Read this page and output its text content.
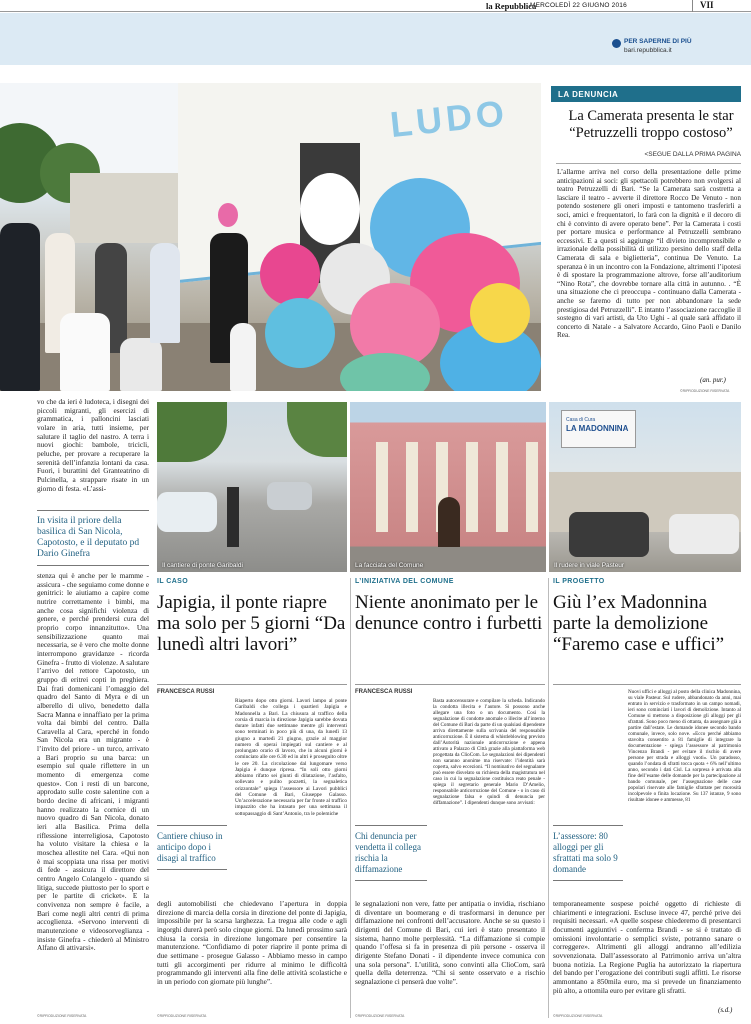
la Repubblica
MERCOLEDÌ 22 GIUGNO 2016	VII
PER SAPERNE DI PIÙ
bari.repubblica.it
LUDO	LA DENUNCIA
La Camerata presenta le star “Petruzzelli troppo costoso”
<SEGUE DALLA PRIMA PAGINA
L’allarme arriva nel corso della presentazione delle prime anticipazioni ai soci: gli spettacoli potrebbero non svolgersi al teatro Petruzzelli di Bari. “Se la Camerata sarà costretta a lasciare il teatro - avverte il direttore Rocco De Venuto - non potendo sostenere gli oneri imposti e tantomeno trasferirli a soci, amici e frequentatori, lo farà con la dignità e il decoro di chi è convinto di avere operato bene”. Per la Camerata i costi per portare musica e performance al Petruzzelli sembrano eccessivi. E a questi si aggiunge “il divieto incomprensibile e irrazionale della possibilità di utilizzo persino dello staff della Camerata di sala e biglietteria”, continua De Venuto. La speranza è in un incontro con la Fondazione, altrimenti l’ipotesi è di spostare la programmazione altrove, forse all’auditorium “Nino Rota”, che dovrebbe tornare alla città in autunno. . “È una situazione che ci preoccupa - continuano dalla Camerata - anche se faremo di tutto per non abbandonare la sede prestigiosa del Petruzzelli”. E intanto l’associazione raccoglie il sostegno di vari artisti, da Uto Ughi - al quale sarà affidato il concerto di Natale - a Salvatore Accardo, Gino Paoli e Danilo Rea.
(an. pur.)
©RIPRODUZIONE RISERVATA
vo che da ieri è ludoteca, i disegni dei piccoli migranti, gli esercizi di grammatica, i palloncini lasciati volare in aria, tutti insieme, per salutare il taglio del nastro. A terra i nuovi giochi: bambole, tricicli, peluche, per provare a recuperare la serenità dell’infanzia lontani da casa. Fuori, i burattini del Granteatrino di Pulcinella, a strappare risate in un giorno di festa. «L’assi-
In visita il priore della basilica di San Nicola, Capotosto, e il deputato pd Dario Ginefra
stenza qui è anche per le mamme - assicura - che seguiamo come donne e genitrici: le aiutiamo a capire come nutrire correttamente i bimbi, ma anche cosa significhi violenza di genere, e perché prendersi cura del proprio corpo innanzitutto». Una sensibilizzazione quanto mai necessaria, se è vero che molte donne interrompono gravidanze - ricorda Ginefra - frutto di violenze. A salutare l’arrivo del rettore Capotosto, un gruppo di eritrei copti in preghiera. Dai frati domenicani l’omaggio del quadro del Santo di Myra e di un alberello di ulivo, benedetto dalla Sacra Manna e innaffiato per la prima volta dai bimbi del centro. Dalla Caravella al Cara, «perché in fondo San Nicola era un migrante - è l’invito del priore - un turco, arrivato a Bari proprio su una barca: un esempio sul quale riflettere in un momento di emergenza come questo». Con i resti di un barcone, approdato sulle coste salentine con a bordo decine di africani, i migranti hanno realizzato la cornice di un nuovo quadro di San Nicola, donato ieri alla Basilica. Prima della riflessione interreligiosa, Capotosto ha voluto visitare la chiesa e la moschea allestite nel Cara. «Qui non è mai scoppiata una rissa per motivi di fede - assicura il direttore del centro Angelo Colangelo - quando si litiga, succede piuttosto per lo sport e per le partite di cricket». E la convivenza non sempre è facile, a Bari come negli altri centri di prima accoglienza. «Servono interventi di manutenzione e videosorveglianza - insiste Ginefra - chiederò al Ministro Alfano di attivarsi».
©RIPRODUZIONE RISERVATA
Il cantiere di ponte Garibaldi	La facciata del Comune
Casa di Cura
LA MADONNINA
Il rudere in viale Pasteur
IL CASO
Japigia, il ponte riapre ma solo per 5 giorni “Da lunedì altri lavori”
FRANCESCA RUSSI
Riaperto dopo otto giorni. Lavori lampo al ponte Garibaldi che collega i quartieri Japigia e Madonnella a Bari. La chiusura al traffico della corsia di marcia in direzione Japigia sarebbe dovuta durare infatti due settimane mentre gli interventi sono terminati in poco più di una, da lunedì 13 giugno a martedì 21 giugno, grazie al maggior numero di operai impiegati sul cantiere e al prolungato orario di lavoro, che in alcuni giorni è cominciato alle ore 6.30 ed in altri è proseguito oltre le ore 20. La circolazione dal lungomare verso Japigia è dunque ripresa. “In soli otto giorni abbiamo rifatto sei giunti di dilatazione, l’asfalto, sollevato e pulito pozzetti, la segnaletica orizzontale” spiega l’assessore ai Lavori pubblici del Comune di Bari, Giuseppe Galasso. Un’accelerazione necessaria per far fronte al traffico impazzito che ha intasato per una settimana il sottopassaggio di Sant’Antonio, tra le polemiche
Cantiere chiuso in anticipo dopo i disagi al traffico
degli automobilisti che chiedevano l’apertura in doppia direzione di marcia della corsia in direzione del ponte di Japigia, impossibile per la scarsa larghezza. La tregua alle code e agli ingorghi durerà però solo cinque giorni. Da lunedì prossimo sarà chiusa la corsia in direzione lungomare per consentire la manutenzione. “Confidiamo di poter riaprire il ponte prima di due settimane - prosegue Galasso - Abbiamo messo in campo tutti gli accorgimenti per ridurre al minimo le difficoltà programmando gli interventi alla fine delle attività scolastiche e in un periodo con giornate più lunghe”.
©RIPRODUZIONE RISERVATA
L’INIZIATIVA DEL COMUNE
Niente anonimato per le denunce contro i furbetti
FRANCESCA RUSSI
Basta autocensurare e compilare la scheda. Indicando la condotta illecita e l’autore. Si possono anche allegare una foto o un documento. Così la segnalazione di condotte anomale o illecite all’interno del Comune di Bari da parte di un qualsiasi dipendente arriva direttamente sulla scrivania del responsabile anticorruzione. È il sistema di whistleblowing previsto dall’Autorità nazionale anticorruzione e appena attivato a Palazzo di Città grazie alla piattaforma web progettata da ClioCom. Le segnalazioni dei dipendenti non saranno anonime ma riservate: l’identità sarà coperta, salvo eccezioni. “Il nominativo del segnalante può essere disvelato su richiesta della magistratura nel caso in cui la segnalazione costituisca reato penale - spiega il segretario generale Mario D’Amelio, responsabile anticorruzione del Comune - o in caso di segnalazione falsa e quindi di denuncia per diffamazione”. I dipendenti dunque sono avvisati:
Chi denuncia per vendetta il collega rischia la diffamazione
le segnalazioni non vere, fatte per antipatia o invidia, rischiano di diventare un boomerang e di trasformarsi in denunce per diffamazione nei confronti dell’accusatore. Anche se su questo i dirigenti del Comune di Bari, cui ieri è stato presentato il sistema, hanno molte perplessità. “La diffamazione si compie quando l’offesa si fa in presenza di più persone - osserva il dirigente Stefano Donati - il dipendente invece comunica con una sola persona”. L’utilità, sono convinti alla ClioCom, sarà quella della deterrenza. “Chi si sente osservato e a rischio segnalazione ci penserà due volte”.
©RIPRODUZIONE RISERVATA
IL PROGETTO
Giù l’ex Madonnina parte la demolizione “Faremo case e uffici”
Nuovi uffici e alloggi al posto della clinica Madonnina, su viale Pasteur. Sul rudere, abbandonato da anni, mai entrato in servizio e trasformato in un campo nomadi, ieri sono cominciati i lavori di demolizione. Intanto al Comune si mettono a disposizione gli alloggi per gli sfrattati. Sono poco meno di ottanta, da assegnare già a partire dall’estate. Le domande idonee secondo bando comunale, invece, solo nove. «Ecco perché abbiamo stavolta consentito a 81 famiglie di integrare la documentazione - spiega l’assessore al patrimonio Vincenzo Brandi - per evitare il rischio di avere persone per strada e alloggi vuoti». Un paradosso, quando l’ondata di sfratti tocca quota + 6% nell’ultimo anno, secondo i dati Cisl. La sorpresa è arrivata alla fine dell’esame delle domande per la partecipazione al bando comunale, per l’assegnazione delle case popolari riservate alle famiglie sfrattate per morosità incolpevole o finita locazione. Su 137 istanze, 9 sono risultate idonee e ammesse, 81
L’assessore: 80 alloggi per gli sfrattati ma solo 9 domande
temporaneamente sospese poiché oggetto di richieste di chiarimenti e integrazioni. Escluse invece 47, perché prive dei requisiti necessari. «A quelle sospese chiederemo di presentarci documenti aggiuntivi - conferma Brandi - se si è trattato di omissioni involontarie o semplici sviste, potranno sanare o correggere». Altrimenti gli alloggi andranno all’edilizia sovvenzionata. Dall’assessorato al Patrimonio arriva un’altra buona notizia. La Regione Puglia ha autorizzato la riapertura del bando per l’erogazione dei contributi sugli affitti. Le risorse ammontano a 850mila euro, ma si prevede un finanziamento più alto, a ottomila euro per evitare gli sfratti.
(s.d.)
©RIPRODUZIONE RISERVATA
